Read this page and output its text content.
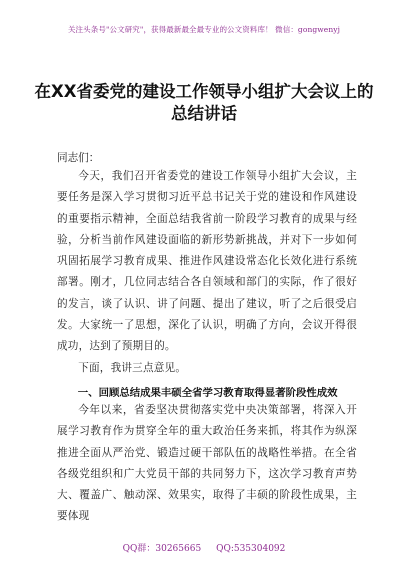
关注头条号"公文研究"，获得最新最全最专业的公文资料库！ 微信：gongwenyj
在XX省委党的建设工作领导小组扩大会议上的总结讲话
同志们：

今天，我们召开省委党的建设工作领导小组扩大会议，主要任务是深入学习贯彻习近平总书记关于党的建设和作风建设的重要指示精神，全面总结我省前一阶段学习教育的成果与经验，分析当前作风建设面临的新形势新挑战，并对下一步如何巩固拓展学习教育成果、推进作风建设常态化长效化进行系统部署。刚才，几位同志结合各自领域和部门的实际，作了很好的发言，谈了认识、讲了问题、提出了建议，听了之后很受启发。大家统一了思想，深化了认识，明确了方向，会议开得很成功，达到了预期目的。

下面，我讲三点意见。

一、回顾总结成果丰硕全省学习教育取得显著阶段性成效

今年以来，省委坚决贯彻落实党中央决策部署，将深入开展学习教育作为贯穿全年的重大政治任务来抓，将其作为纵深推进全面从严治党、锻造过硬干部队伍的战略性举措。在全省各级党组织和广大党员干部的共同努力下，这次学习教育声势大、覆盖广、触动深、效果实，取得了丰硕的阶段性成果，主要体现

QQ群：30265665 QQ:535304092
